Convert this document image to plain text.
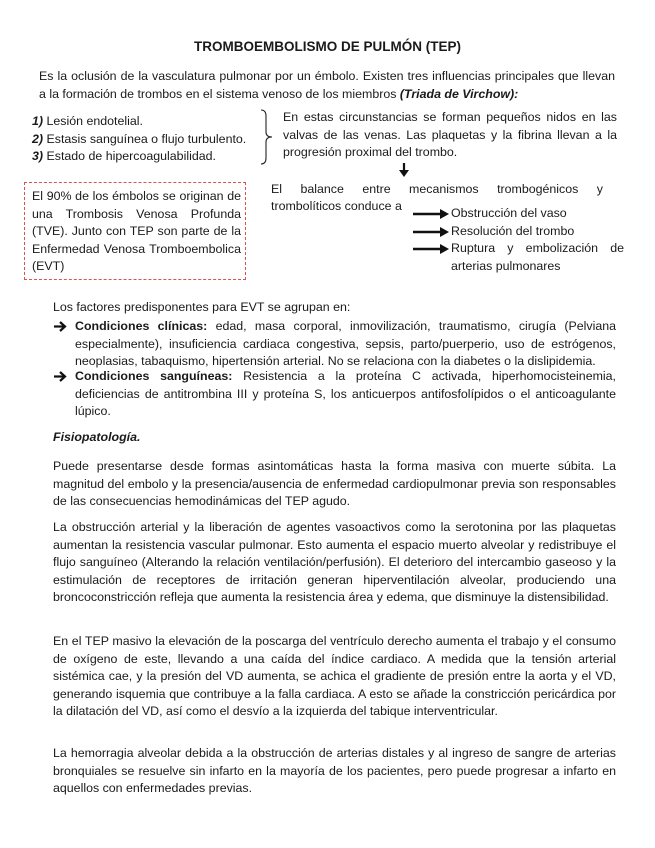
TROMBOEMBOLISMO DE PULMÓN (TEP)
Es la oclusión de la vasculatura pulmonar por un émbolo. Existen tres influencias principales que llevan a la formación de trombos en el sistema venoso de los miembros (Triada de Virchow):
1) Lesión endotelial.
2) Estasis sanguínea o flujo turbulento.
3) Estado de hipercoagulabilidad.
En estas circunstancias se forman pequeños nidos en las valvas de las venas. Las plaquetas y la fibrina llevan a la progresión proximal del trombo.
El 90% de los émbolos se originan de una Trombosis Venosa Profunda (TVE). Junto con TEP son parte de la Enfermedad Venosa Tromboembolica (EVT)
El balance entre mecanismos trombogénicos y
trombolíticos conduce a	Obstrucción del vaso
Resolución del trombo
Ruptura y embolización de
arterias pulmonares
Los factores predisponentes para EVT se agrupan en:
Condiciones clínicas: edad, masa corporal, inmovilización, traumatismo, cirugía (Pelviana especialmente), insuficiencia cardiaca congestiva, sepsis, parto/puerperio, uso de estrógenos, neoplasias, tabaquismo, hipertensión arterial. No se relaciona con la diabetes o la dislipidemia.
Condiciones sanguíneas: Resistencia a la proteína C activada, hiperhomocisteinemia, deficiencias de antitrombina III y proteína S, los anticuerpos antifosfolípidos o el anticoagulante lúpico.
Fisiopatología.
Puede presentarse desde formas asintomáticas hasta la forma masiva con muerte súbita. La magnitud del embolo y la presencia/ausencia de enfermedad cardiopulmonar previa son responsables de las consecuencias hemodinámicas del TEP agudo.
La obstrucción arterial y la liberación de agentes vasoactivos como la serotonina por las plaquetas aumentan la resistencia vascular pulmonar. Esto aumenta el espacio muerto alveolar y redistribuye el flujo sanguíneo (Alterando la relación ventilación/perfusión). El deterioro del intercambio gaseoso y la estimulación de receptores de irritación generan hiperventilación alveolar, produciendo una broncoconstricción refleja que aumenta la resistencia área y edema, que disminuye la distensibilidad.
En el TEP masivo la elevación de la poscarga del ventrículo derecho aumenta el trabajo y el consumo de oxígeno de este, llevando a una caída del índice cardiaco. A medida que la tensión arterial sistémica cae, y la presión del VD aumenta, se achica el gradiente de presión entre la aorta y el VD, generando isquemia que contribuye a la falla cardiaca. A esto se añade la constricción pericárdica por la dilatación del VD, así como el desvío a la izquierda del tabique interventricular.
La hemorragia alveolar debida a la obstrucción de arterias distales y al ingreso de sangre de arterias bronquiales se resuelve sin infarto en la mayoría de los pacientes, pero puede progresar a infarto en aquellos con enfermedades previas.
